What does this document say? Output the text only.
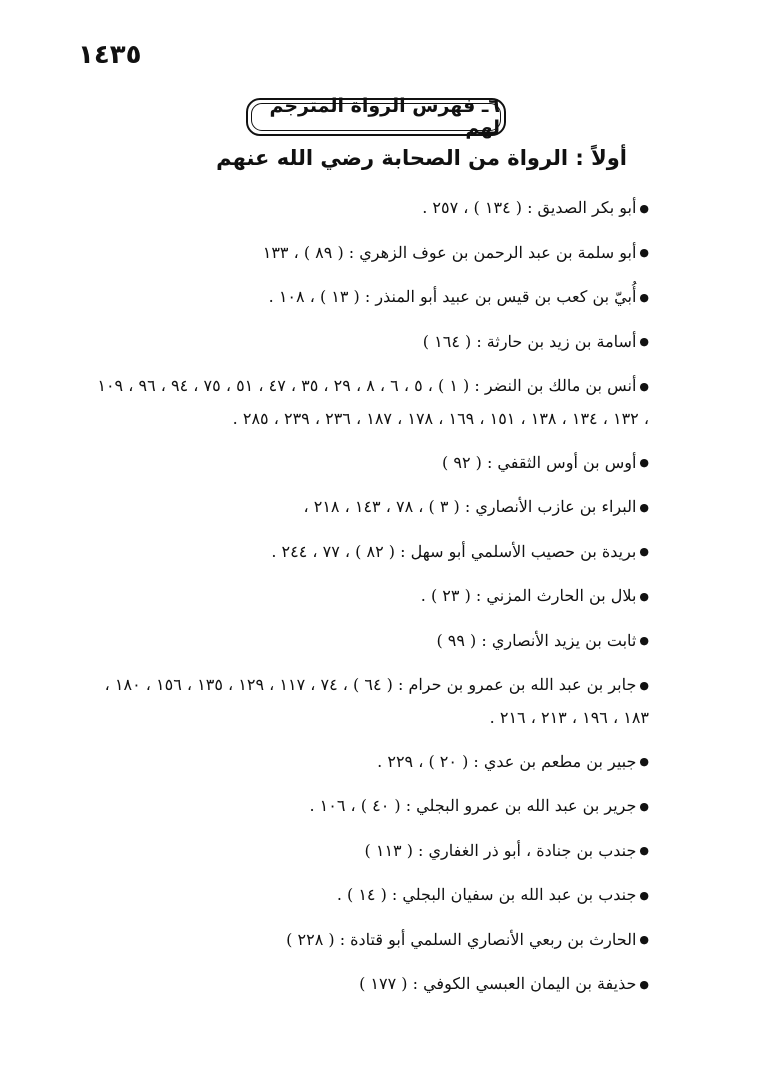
١٤٣٥
٦ـ فهرس الرواة المترجم لهم
أولاً : الرواة من الصحابة رضي الله عنهم
●أبو بكر الصديق : ( ١٣٤ ) ، ٢٥٧ .
●أبو سلمة بن عبد الرحمن بن عوف الزهري : ( ٨٩ ) ، ١٣٣
●أُبيّ بن كعب بن قيس بن عبيد أبو المنذر : ( ١٣ ) ، ١٠٨ .
●أسامة بن زيد بن حارثة : ( ١٦٤ )
●أنس بن مالك بن النضر : ( ١ ) ، ٥ ، ٦ ، ٨ ، ٢٩ ، ٣٥ ، ٤٧ ، ٥١ ، ٧٥ ، ٩٤ ، ٩٦ ، ١٠٩
، ١٣٢ ، ١٣٤ ، ١٣٨ ، ١٥١ ، ١٦٩ ، ١٧٨ ، ١٨٧ ، ٢٣٦ ، ٢٣٩ ، ٢٨٥ .
●أوس بن أوس الثقفي : ( ٩٢ )
●البراء بن عازب الأنصاري : ( ٣ ) ، ٧٨ ، ١٤٣ ، ٢١٨ ،
●بريدة بن حصيب الأسلمي أبو سهل : ( ٨٢ ) ، ٧٧ ، ٢٤٤ .
●بلال بن الحارث المزني : ( ٢٣ ) .
●ثابت بن يزيد الأنصاري : ( ٩٩ )
●جابر بن عبد الله بن عمرو بن حرام : ( ٦٤ ) ، ٧٤ ، ١١٧ ، ١٢٩ ، ١٣٥ ، ١٥٦ ، ١٨٠ ،
١٨٣ ، ١٩٦ ، ٢١٣ ، ٢١٦ .
●جبير بن مطعم بن عدي : ( ٢٠ ) ، ٢٢٩ .
●جرير بن عبد الله بن عمرو البجلي : ( ٤٠ ) ، ١٠٦ .
●جندب بن جنادة ، أبو ذر الغفاري : ( ١١٣ )
●جندب بن عبد الله بن سفيان البجلي : ( ١٤ ) .
●الحارث بن ربعي الأنصاري السلمي أبو قتادة : ( ٢٢٨ )
●حذيفة بن اليمان العبسي الكوفي : ( ١٧٧ )
